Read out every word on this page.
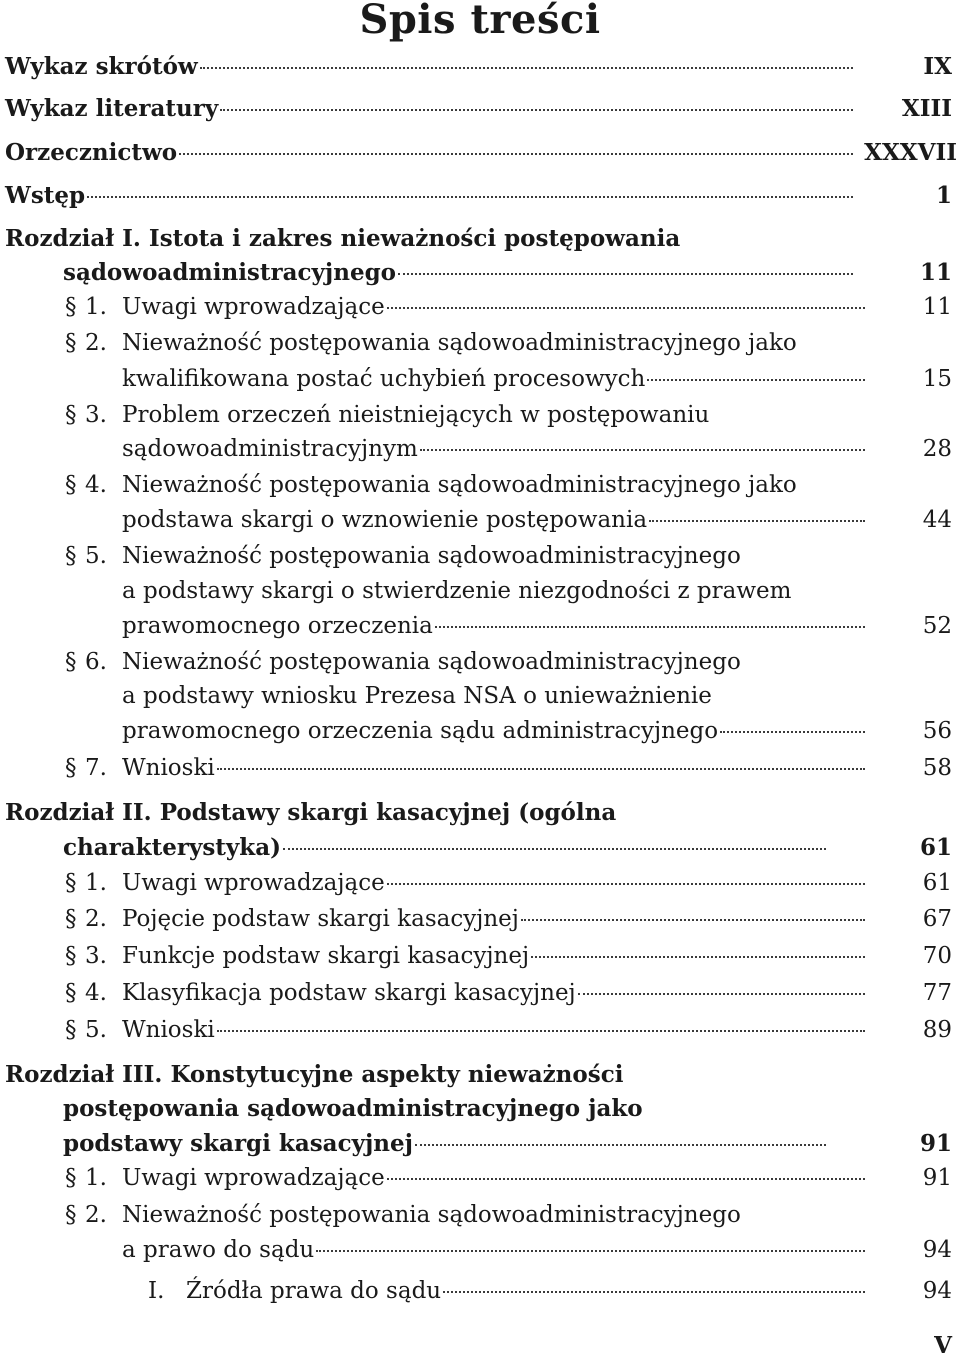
Spis treści
Wykaz skrótów	IX
Wykaz literatury	XIII
Orzecznictwo	XXXVII
Wstęp	1
Rozdział I. Istota i zakres nieważności postępowania
sądowoadministracyjnego	11
§ 1. Uwagi wprowadzające	11
§ 2. Nieważność postępowania sądowoadministracyjnego jako
kwalifikowana postać uchybień procesowych	15
§ 3. Problem orzeczeń nieistniejących w postępowaniu
sądowoadministracyjnym	28
§ 4. Nieważność postępowania sądowoadministracyjnego jako
podstawa skargi o wznowienie postępowania	44
§ 5. Nieważność postępowania sądowoadministracyjnego
a podstawy skargi o stwierdzenie niezgodności z prawem
prawomocnego orzeczenia	52
§ 6. Nieważność postępowania sądowoadministracyjnego
a podstawy wniosku Prezesa NSA o unieważnienie
prawomocnego orzeczenia sądu administracyjnego	56
§ 7. Wnioski	58
Rozdział II. Podstawy skargi kasacyjnej (ogólna
charakterystyka)	61
§ 1. Uwagi wprowadzające	61
§ 2. Pojęcie podstaw skargi kasacyjnej	67
§ 3. Funkcje podstaw skargi kasacyjnej	70
§ 4. Klasyfikacja podstaw skargi kasacyjnej	77
§ 5. Wnioski	89
Rozdział III. Konstytucyjne aspekty nieważności
postępowania sądowoadministracyjnego jako
podstawy skargi kasacyjnej	91
§ 1. Uwagi wprowadzające	91
§ 2. Nieważność postępowania sądowoadministracyjnego
a prawo do sądu	94
I. Źródła prawa do sądu	94
V
